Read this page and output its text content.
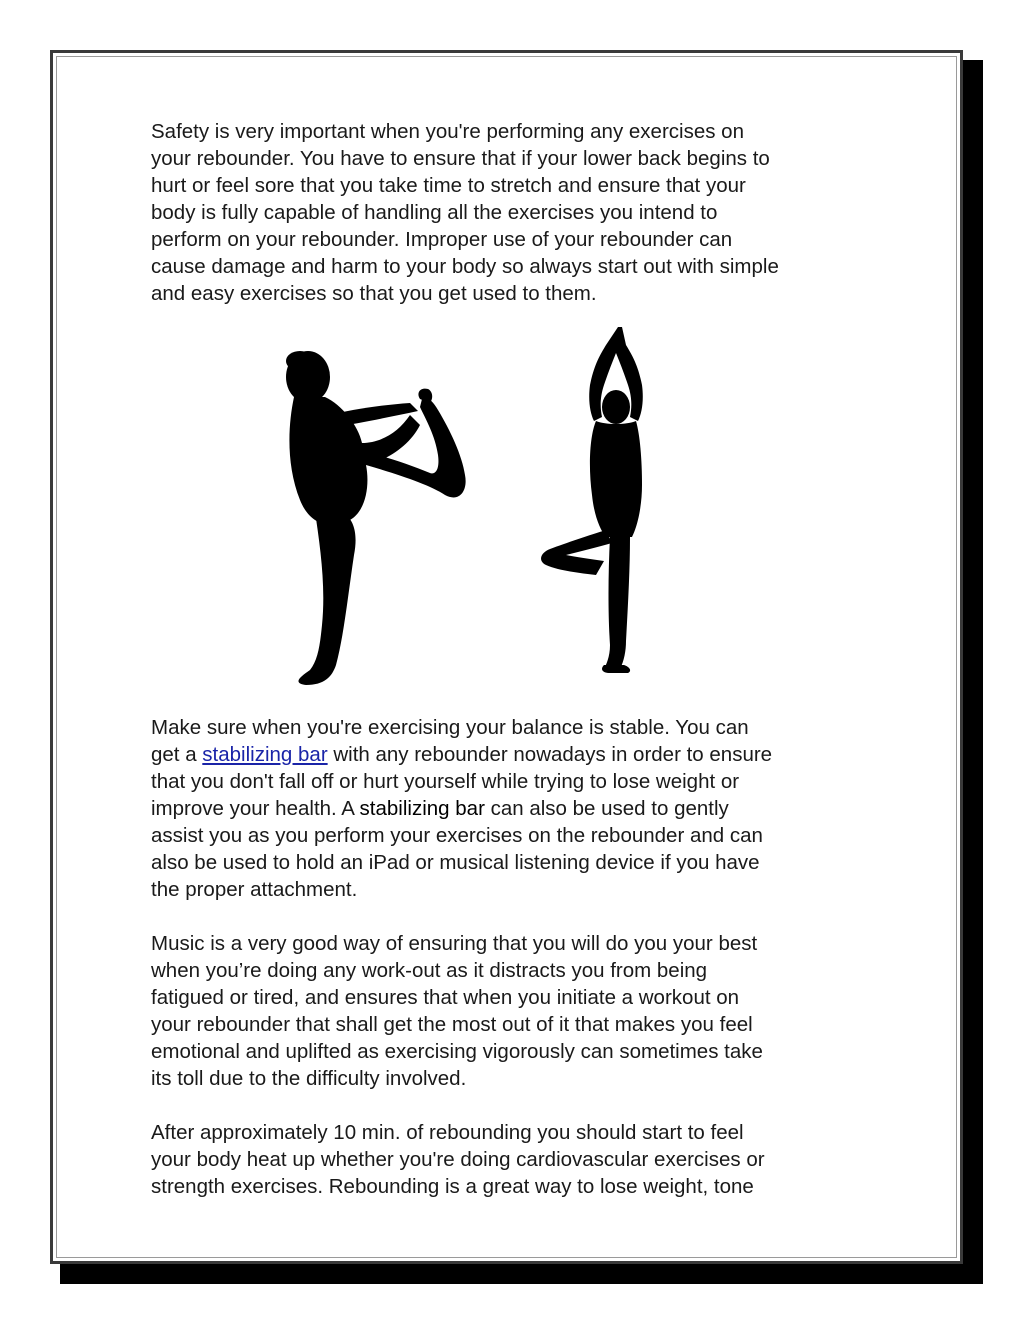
Safety is very important when you're performing any exercises on
your rebounder. You have to ensure that if your lower back begins to
hurt or feel sore that you take time to stretch and ensure that your
body is fully capable of handling all the exercises you intend to
perform on your rebounder. Improper use of your rebounder can
cause damage and harm to your body so always start out with simple
and easy exercises so that you get used to them.

Make sure when you're exercising your balance is stable. You can
get a stabilizing bar with any rebounder nowadays in order to ensure
that you don't fall off or hurt yourself while trying to lose weight or
improve your health. A stabilizing bar can also be used to gently
assist you as you perform your exercises on the rebounder and can
also be used to hold an iPad or musical listening device if you have
the proper attachment.

Music is a very good way of ensuring that you will do you your best
when you’re doing any work-out as it distracts you from being
fatigued or tired, and ensures that when you initiate a workout on
your rebounder that shall get the most out of it that makes you feel
emotional and uplifted as exercising vigorously can sometimes take
its toll due to the difficulty involved.

After approximately 10 min. of rebounding you should start to feel
your body heat up whether you're doing cardiovascular exercises or
strength exercises. Rebounding is a great way to lose weight, tone
